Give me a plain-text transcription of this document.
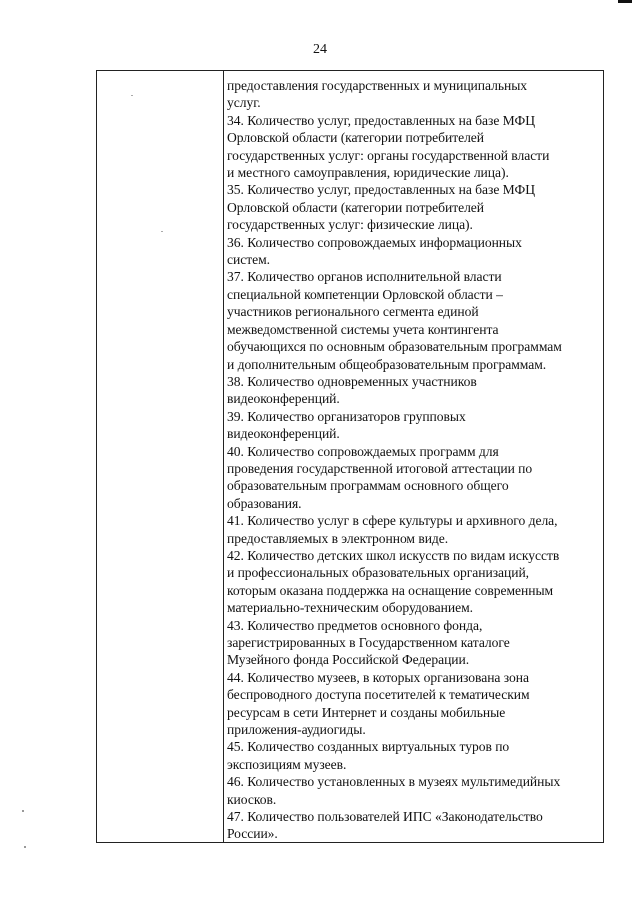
24
предоставления государственных и муниципальных
услуг.
34. Количество услуг, предоставленных на базе МФЦ
Орловской области (категории потребителей
государственных услуг: органы государственной власти
и местного самоуправления, юридические лица).
35. Количество услуг, предоставленных на базе МФЦ
Орловской области (категории потребителей
государственных услуг: физические лица).
36. Количество сопровождаемых информационных
систем.
37. Количество органов исполнительной власти
специальной компетенции Орловской области –
участников регионального сегмента единой
межведомственной системы учета контингента
обучающихся по основным образовательным программам
и дополнительным общеобразовательным программам.
38. Количество одновременных участников
видеоконференций.
39. Количество организаторов групповых
видеоконференций.
40. Количество сопровождаемых программ для
проведения государственной итоговой аттестации по
образовательным программам основного общего
образования.
41. Количество услуг в сфере культуры и архивного дела,
предоставляемых в электронном виде.
42. Количество детских школ искусств по видам искусств
и профессиональных образовательных организаций,
которым оказана поддержка на оснащение современным
материально-техническим оборудованием.
43. Количество предметов основного фонда,
зарегистрированных в Государственном каталоге
Музейного фонда Российской Федерации.
44. Количество музеев, в которых организована зона
беспроводного доступа посетителей к тематическим
ресурсам в сети Интернет и созданы мобильные
приложения-аудиогиды.
45. Количество созданных виртуальных туров по
экспозициям музеев.
46. Количество установленных в музеях мультимедийных
киосков.
47. Количество пользователей ИПС «Законодательство
России».
